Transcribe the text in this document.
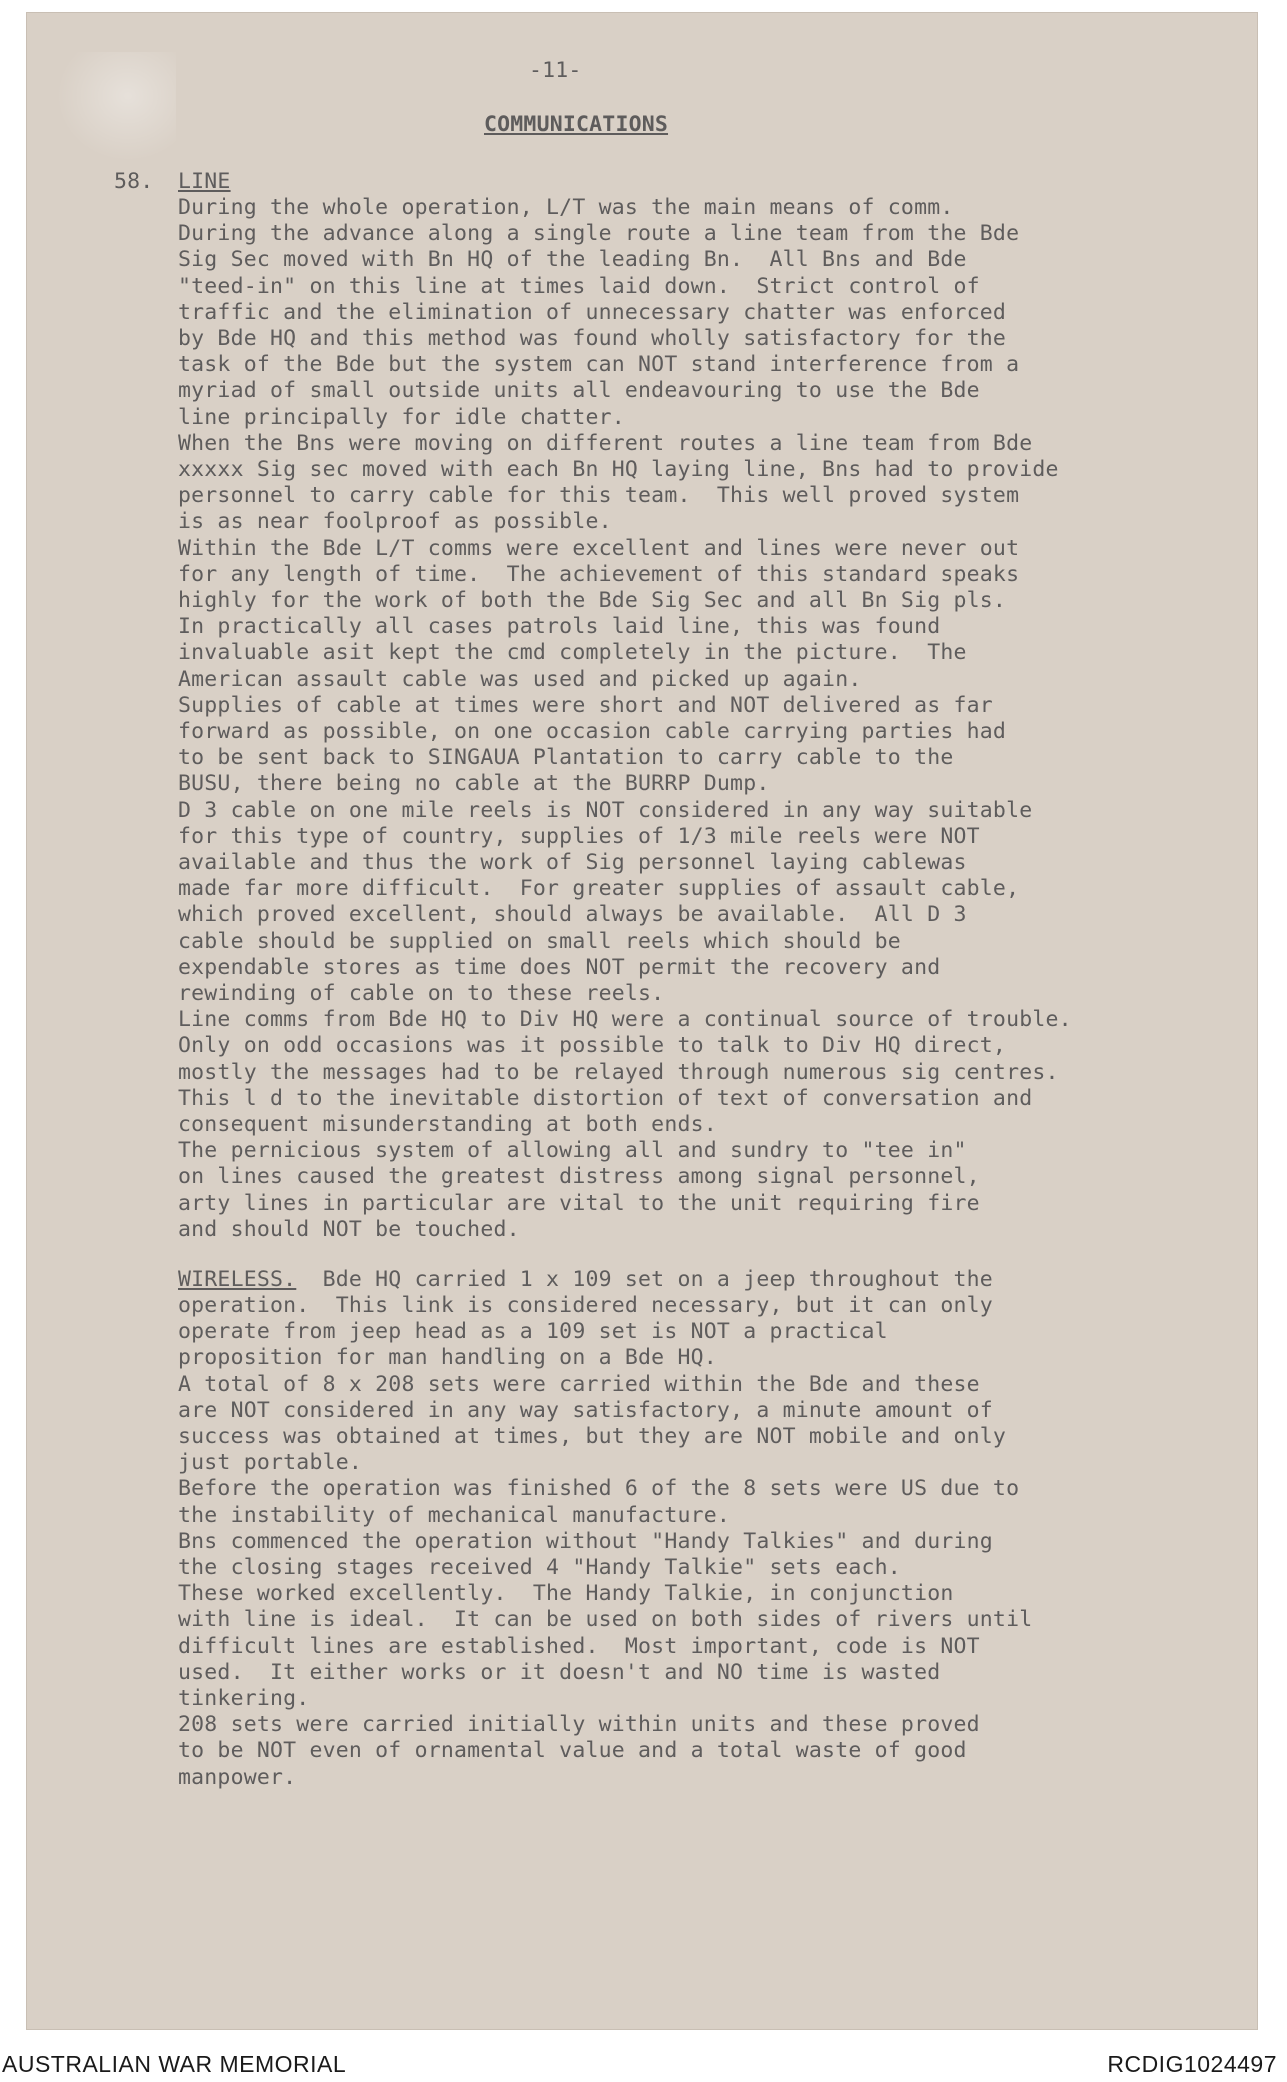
-11-
COMMUNICATIONS
58. LINE
During the whole operation, L/T was the main means of comm.
During the advance along a single route a line team from the Bde
Sig Sec moved with Bn HQ of the leading Bn.  All Bns and Bde
"teed-in" on this line at times laid down.  Strict control of
traffic and the elimination of unnecessary chatter was enforced
by Bde HQ and this method was found wholly satisfactory for the
task of the Bde but the system can NOT stand interference from a
myriad of small outside units all endeavouring to use the Bde
line principally for idle chatter.
When the Bns were moving on different routes a line team from Bde
xxxxx Sig sec moved with each Bn HQ laying line, Bns had to provide
personnel to carry cable for this team.  This well proved system
is as near foolproof as possible.
Within the Bde L/T comms were excellent and lines were never out
for any length of time.  The achievement of this standard speaks
highly for the work of both the Bde Sig Sec and all Bn Sig pls.
In practically all cases patrols laid line, this was found
invaluable asit kept the cmd completely in the picture.  The
American assault cable was used and picked up again.
Supplies of cable at times were short and NOT delivered as far
forward as possible, on one occasion cable carrying parties had
to be sent back to SINGAUA Plantation to carry cable to the
BUSU, there being no cable at the BURRP Dump.
D 3 cable on one mile reels is NOT considered in any way suitable
for this type of country, supplies of 1/3 mile reels were NOT
available and thus the work of Sig personnel laying cablewas
made far more difficult.  For greater supplies of assault cable,
which proved excellent, should always be available.  All D 3
cable should be supplied on small reels which should be
expendable stores as time does NOT permit the recovery and
rewinding of cable on to these reels.
Line comms from Bde HQ to Div HQ were a continual source of trouble.
Only on odd occasions was it possible to talk to Div HQ direct,
mostly the messages had to be relayed through numerous sig centres.
This l d to the inevitable distortion of text of conversation and
consequent misunderstanding at both ends.
The pernicious system of allowing all and sundry to "tee in"
on lines caused the greatest distress among signal personnel,
arty lines in particular are vital to the unit requiring fire
and should NOT be touched.
WIRELESS.  Bde HQ carried 1 x 109 set on a jeep throughout the
operation.  This link is considered necessary, but it can only
operate from jeep head as a 109 set is NOT a practical
proposition for man handling on a Bde HQ.
A total of 8 x 208 sets were carried within the Bde and these
are NOT considered in any way satisfactory, a minute amount of
success was obtained at times, but they are NOT mobile and only
just portable.
Before the operation was finished 6 of the 8 sets were US due to
the instability of mechanical manufacture.
Bns commenced the operation without "Handy Talkies" and during
the closing stages received 4 "Handy Talkie" sets each.
These worked excellently.  The Handy Talkie, in conjunction
with line is ideal.  It can be used on both sides of rivers until
difficult lines are established.  Most important, code is NOT
used.  It either works or it doesn't and NO time is wasted
tinkering.
208 sets were carried initially within units and these proved
to be NOT even of ornamental value and a total waste of good
manpower.
AUSTRALIAN WAR MEMORIAL	RCDIG1024497
